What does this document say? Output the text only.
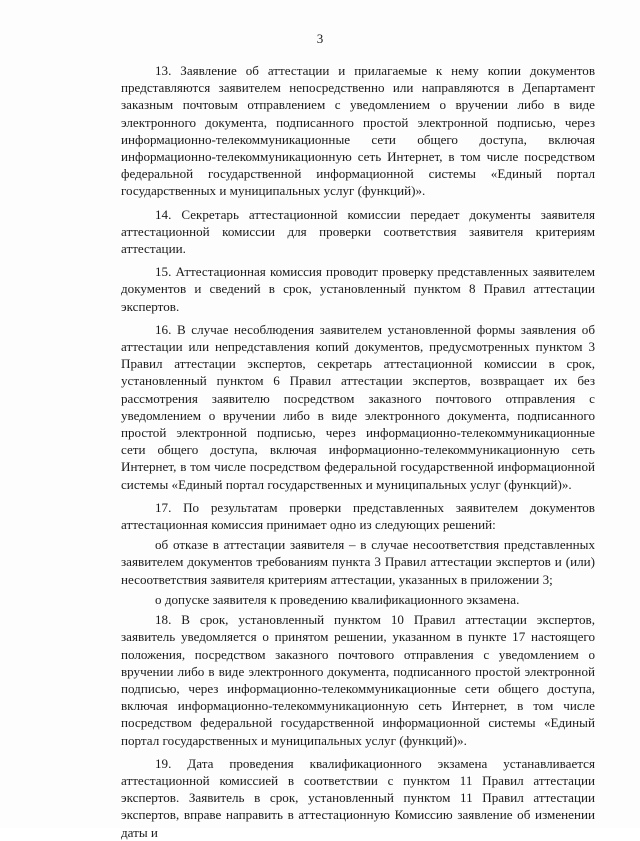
3

13. Заявление об аттестации и прилагаемые к нему копии документов представляются заявителем непосредственно или направляются в Департамент заказным почтовым отправлением с уведомлением о вручении либо в виде электронного документа, подписанного простой электронной подписью, через информационно-телекоммуникационные сети общего доступа, включая информационно-телекоммуникационную сеть Интернет, в том числе посредством федеральной государственной информационной системы «Единый портал государственных и муниципальных услуг (функций)».

14. Секретарь аттестационной комиссии передает документы заявителя аттестационной комиссии для проверки соответствия заявителя критериям аттестации.

15. Аттестационная комиссия проводит проверку представленных заявителем документов и сведений в срок, установленный пунктом 8 Правил аттестации экспертов.

16. В случае несоблюдения заявителем установленной формы заявления об аттестации или непредставления копий документов, предусмотренных пунктом 3 Правил аттестации экспертов, секретарь аттестационной комиссии в срок, установленный пунктом 6 Правил аттестации экспертов, возвращает их без рассмотрения заявителю посредством заказного почтового отправления с уведомлением о вручении либо в виде электронного документа, подписанного простой электронной подписью, через информационно-телекоммуникационные сети общего доступа, включая информационно-телекоммуникационную сеть Интернет, в том числе посредством федеральной государственной информационной системы «Единый портал государственных и муниципальных услуг (функций)».

17. По результатам проверки представленных заявителем документов аттестационная комиссия принимает одно из следующих решений:

об отказе в аттестации заявителя – в случае несоответствия представленных заявителем документов требованиям пункта 3 Правил аттестации экспертов и (или) несоответствия заявителя критериям аттестации, указанных в приложении 3;

о допуске заявителя к проведению квалификационного экзамена.

18. В срок, установленный пунктом 10 Правил аттестации экспертов, заявитель уведомляется о принятом решении, указанном в пункте 17 настоящего положения, посредством заказного почтового отправления с уведомлением о вручении либо в виде электронного документа, подписанного простой электронной подписью, через информационно-телекоммуникационные сети общего доступа, включая информационно-телекоммуникационную сеть Интернет, в том числе посредством федеральной государственной информационной системы «Единый портал государственных и муниципальных услуг (функций)».

19. Дата проведения квалификационного экзамена устанавливается аттестационной комиссией в соответствии с пунктом 11 Правил аттестации экспертов. Заявитель в срок, установленный пунктом 11 Правил аттестации экспертов, вправе направить в аттестационную Комиссию заявление об изменении даты и
